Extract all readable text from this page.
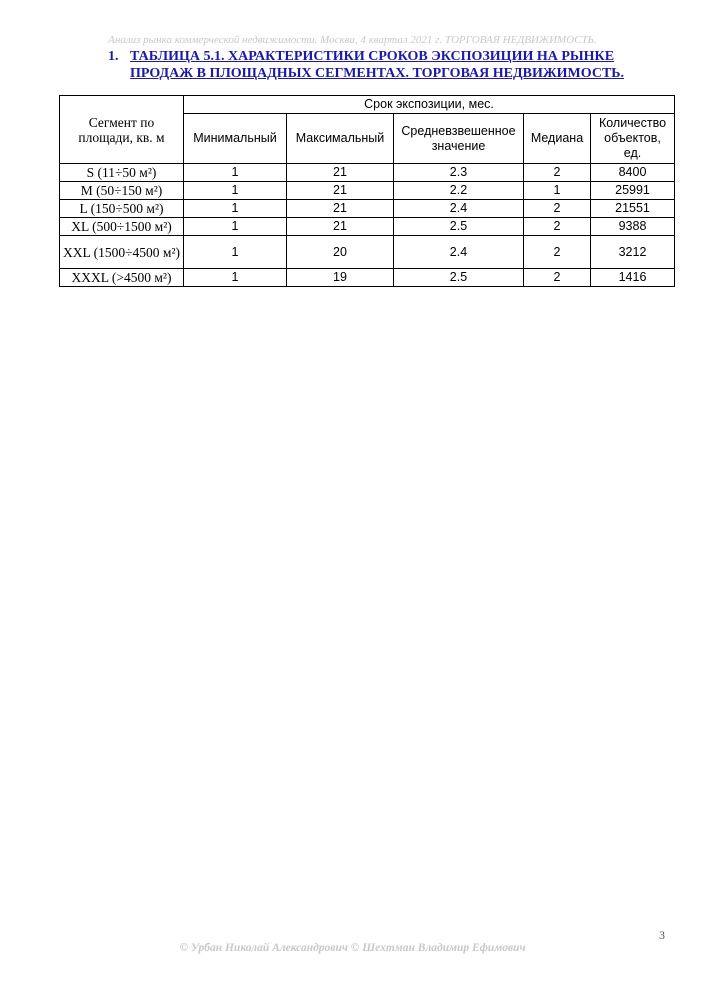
Анализ рынка коммерческой недвижимости. Москва, 4 квартал 2021 г. ТОРГОВАЯ НЕДВИЖИМОСТЬ.
1. ТАБЛИЦА 5.1. ХАРАКТЕРИСТИКИ СРОКОВ ЭКСПОЗИЦИИ НА РЫНКЕ ПРОДАЖ В ПЛОЩАДНЫХ СЕГМЕНТАХ. ТОРГОВАЯ НЕДВИЖИМОСТЬ.
Сегмент по площади, кв. м	Срок экспозиции, мес.				
	Минимальный	Максимальный	Средневзвешенное значение	Медиана	Количество объектов, ед.
S (11÷50 м²)	1	21	2.3	2	8400
M (50÷150 м²)	1	21	2.2	1	25991
L (150÷500 м²)	1	21	2.4	2	21551
XL (500÷1500 м²)	1	21	2.5	2	9388
XXL (1500÷4500 м²)	1	20	2.4	2	3212
XXXL (>4500 м²)	1	19	2.5	2	1416
3
© Урбан Николай Александрович © Шехтман Владимир Ефимович
